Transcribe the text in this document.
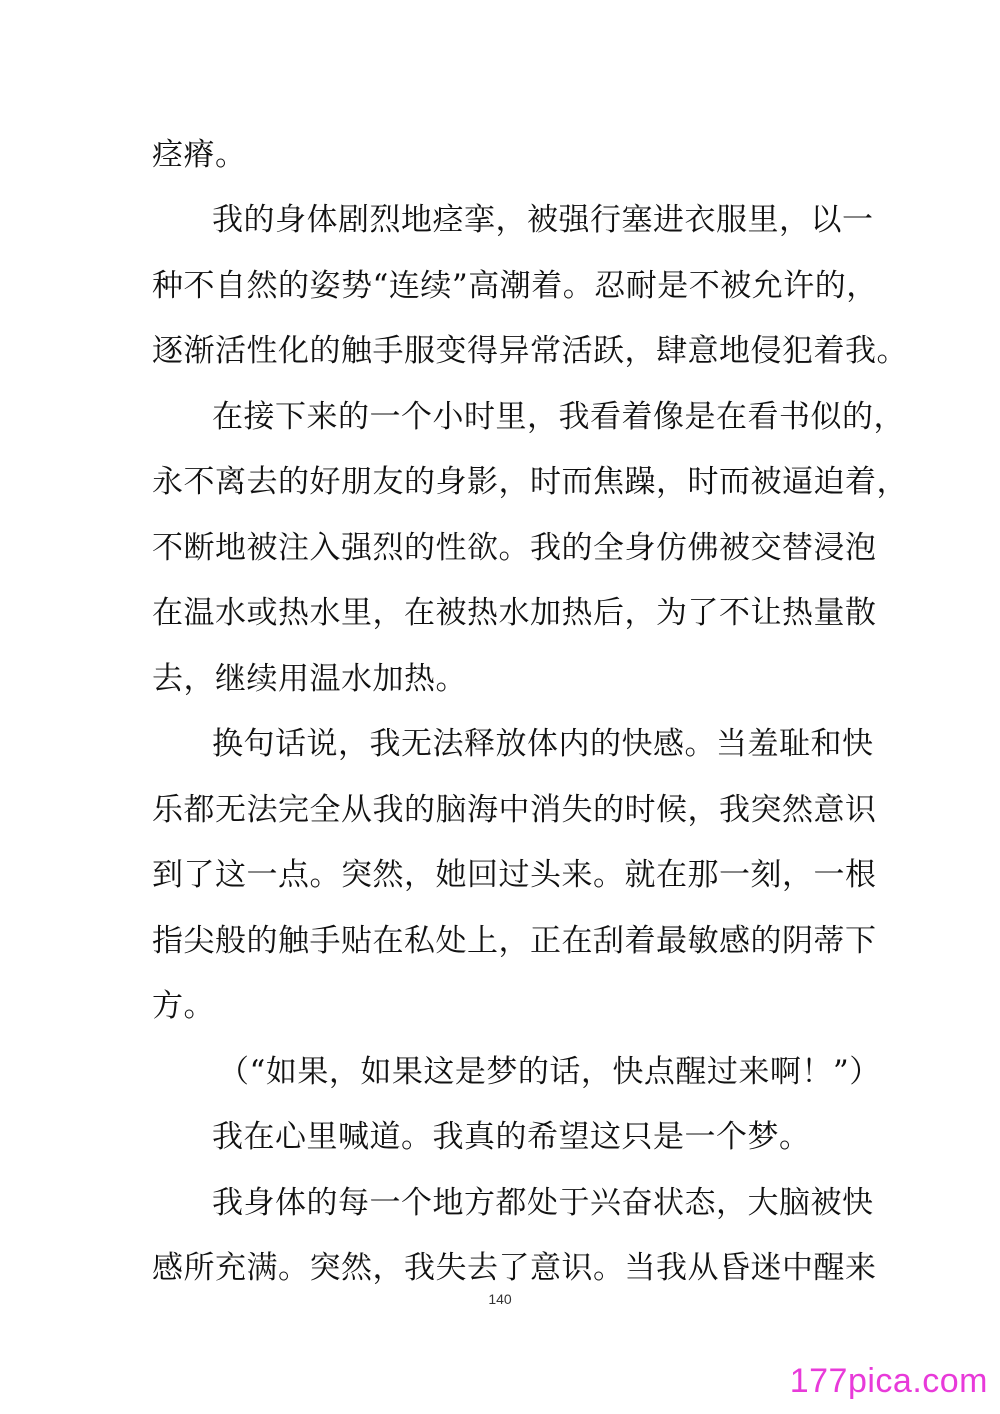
痉瘠。
我的身体剧烈地痉挛，被强行塞进衣服里，以一
种不自然的姿势“连续”高潮着。忍耐是不被允许的，
逐渐活性化的触手服变得异常活跃，肆意地侵犯着我。
在接下来的一个小时里，我看着像是在看书似的，
永不离去的好朋友的身影，时而焦躁，时而被逼迫着，
不断地被注入强烈的性欲。我的全身仿佛被交替浸泡
在温水或热水里，在被热水加热后，为了不让热量散
去，继续用温水加热。
换句话说，我无法释放体内的快感。当羞耻和快
乐都无法完全从我的脑海中消失的时候，我突然意识
到了这一点。突然，她回过头来。就在那一刻，一根
指尖般的触手贴在私处上，正在刮着最敏感的阴蒂下
方。
（“如果，如果这是梦的话，快点醒过来啊！”）
我在心里喊道。我真的希望这只是一个梦。
我身体的每一个地方都处于兴奋状态，大脑被快
感所充满。突然，我失去了意识。当我从昏迷中醒来
140
177pica.com
